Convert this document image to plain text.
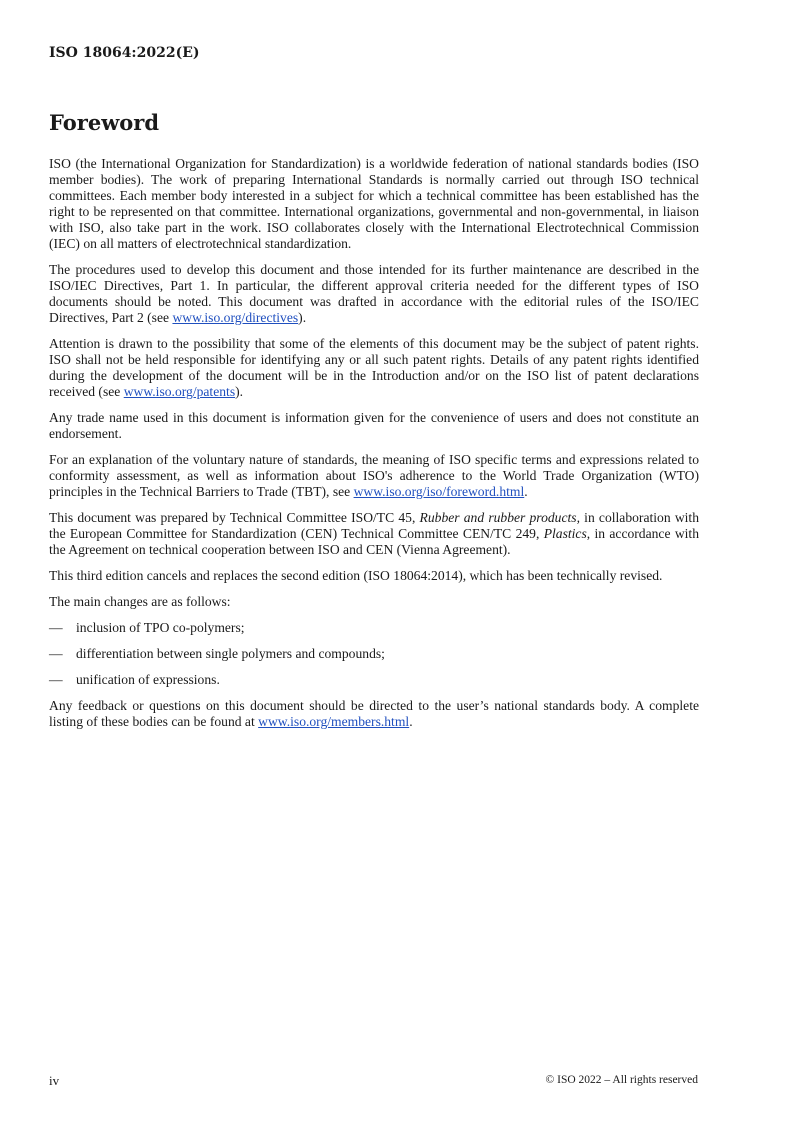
ISO 18064:2022(E)
Foreword

ISO (the International Organization for Standardization) is a worldwide federation of national standards bodies (ISO member bodies). The work of preparing International Standards is normally carried out through ISO technical committees. Each member body interested in a subject for which a technical committee has been established has the right to be represented on that committee. International organizations, governmental and non-governmental, in liaison with ISO, also take part in the work. ISO collaborates closely with the International Electrotechnical Commission (IEC) on all matters of electrotechnical standardization.

The procedures used to develop this document and those intended for its further maintenance are described in the ISO/IEC Directives, Part 1. In particular, the different approval criteria needed for the different types of ISO documents should be noted. This document was drafted in accordance with the editorial rules of the ISO/IEC Directives, Part 2 (see www.iso.org/directives).

Attention is drawn to the possibility that some of the elements of this document may be the subject of patent rights. ISO shall not be held responsible for identifying any or all such patent rights. Details of any patent rights identified during the development of the document will be in the Introduction and/or on the ISO list of patent declarations received (see www.iso.org/patents).

Any trade name used in this document is information given for the convenience of users and does not constitute an endorsement.

For an explanation of the voluntary nature of standards, the meaning of ISO specific terms and expressions related to conformity assessment, as well as information about ISO's adherence to the World Trade Organization (WTO) principles in the Technical Barriers to Trade (TBT), see www.iso.org/iso/foreword.html.

This document was prepared by Technical Committee ISO/TC 45, Rubber and rubber products, in collaboration with the European Committee for Standardization (CEN) Technical Committee CEN/TC 249, Plastics, in accordance with the Agreement on technical cooperation between ISO and CEN (Vienna Agreement).

This third edition cancels and replaces the second edition (ISO 18064:2014), which has been technically revised.

The main changes are as follows:

— inclusion of TPO co-polymers;
— differentiation between single polymers and compounds;
— unification of expressions.

Any feedback or questions on this document should be directed to the user’s national standards body. A complete listing of these bodies can be found at www.iso.org/members.html.

iv	© ISO 2022 – All rights reserved
